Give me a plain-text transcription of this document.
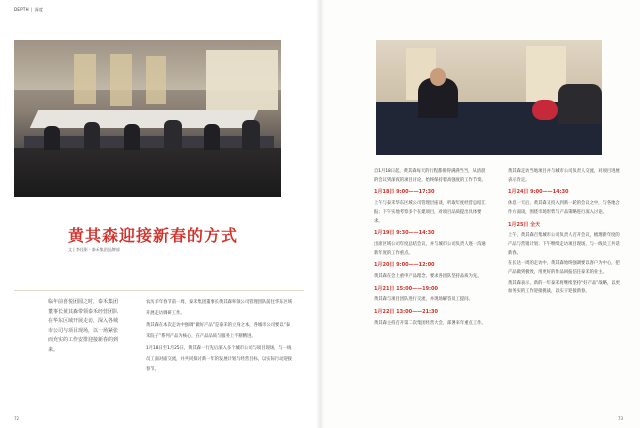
DEPTH | 深度
黄其森迎接新春的方式
文 | 李佳影 · 泰禾集团品牌部
临年前喜悦团圆之时，泰禾集团董事长黄其森带领泰禾经营团队在华东区域开展走访，深入各城市公司与项目现场，以一场紧张而充实的工作安排迎接新春的到来。

农历羊年春节前一周，泰禾集团董事长黄其森率领公司管理团队前往华东区域开展走访调研工作。

黄其森在本次走访中强调“做好产品”是泰禾的立身之本，各城市公司要以“泰禾院子”系列产品为核心，在产品品质与服务上不断精进。

1月18日至1月25日，黄其森一行先后深入多个城市公司与项目现场，与一线员工面对面交流，并共同探讨新一年的发展计划与经营目标，以实际行动迎接春节。

72

自1月18日起，黄其森每天的行程都排得满满当当，从清晨的会议到深夜的项目讨论，始终保持着高强度的工作节奏。

1月18日 9:00——17:30

上午与泰禾华东区域公司管理层座谈，听取年度经营总结汇报；下午实地考察多个在建项目，对项目品质提出具体要求。

1月19日 9:30——14:30

出席区域公司年度总结会议，并与城市公司负责人逐一沟通新年度的工作重点。

1月20日 9:00——12:00

黄其森在会上重申产品理念，要求各团队坚持品质为先。

1月21日 15:00——19:00

黄其森与项目团队进行交流，并现场解答员工提问。

1月22日 13:00——21:30

黄其森主持召开第二次集团经营大会，部署来年重点工作。

黄其森走访当地项目并与城市公司负责人交流，对项目进展表示肯定。

1月24日 9:00——14:30

休息一天后，黄其森又投入到新一轮的会议之中，与各地合作方面谈，围绕市场形势与产品策略进行深入讨论。

1月25日 全天

上午，黄其森召集城市公司负责人召开会议，梳理新年度的产品与营销计划；下午继续走访项目现场，与一线员工共话新春。

在长达一周的走访中，黄其森始终强调要以客户为中心，把产品做到极致，用更好的作品回报信任泰禾的业主。

黄其森表示，新的一年泰禾将继续坚持“好产品”战略，以更加务实的工作迎接挑战，以实干迎接新春。

73
